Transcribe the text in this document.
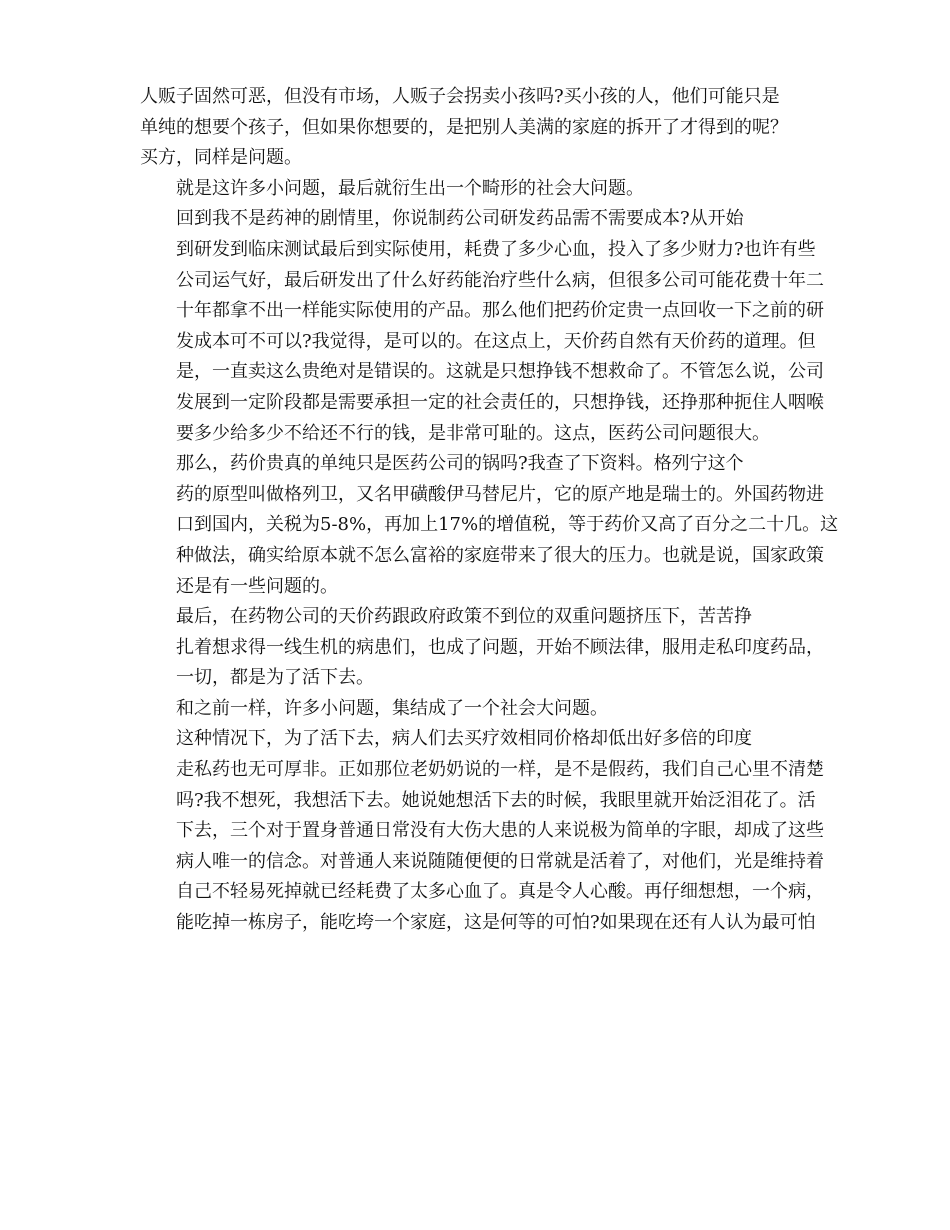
人贩子固然可恶，但没有市场，人贩子会拐卖小孩吗?买小孩的人，他们可能只是
单纯的想要个孩子，但如果你想要的，是把别人美满的家庭的拆开了才得到的呢？
买方，同样是问题。

就是这许多小问题，最后就衍生出一个畸形的社会大问题。

回到我不是药神的剧情里，你说制药公司研发药品需不需要成本?从开始
到研发到临床测试最后到实际使用，耗费了多少心血，投入了多少财力?也许有些
公司运气好，最后研发出了什么好药能治疗些什么病，但很多公司可能花费十年二
十年都拿不出一样能实际使用的产品。那么他们把药价定贵一点回收一下之前的研
发成本可不可以?我觉得，是可以的。在这点上，天价药自然有天价药的道理。但
是，一直卖这么贵绝对是错误的。这就是只想挣钱不想救命了。不管怎么说，公司
发展到一定阶段都是需要承担一定的社会责任的，只想挣钱，还挣那种扼住人咽喉
要多少给多少不给还不行的钱，是非常可耻的。这点，医药公司问题很大。

那么，药价贵真的单纯只是医药公司的锅吗?我查了下资料。格列宁这个
药的原型叫做格列卫，又名甲磺酸伊马替尼片，它的原产地是瑞士的。外国药物进
口到国内，关税为5-8%，再加上17%的增值税，等于药价又高了百分之二十几。这
种做法，确实给原本就不怎么富裕的家庭带来了很大的压力。也就是说，国家政策
还是有一些问题的。

最后，在药物公司的天价药跟政府政策不到位的双重问题挤压下，苦苦挣
扎着想求得一线生机的病患们，也成了问题，开始不顾法律，服用走私印度药品，
一切，都是为了活下去。

和之前一样，许多小问题，集结成了一个社会大问题。

这种情况下，为了活下去，病人们去买疗效相同价格却低出好多倍的印度
走私药也无可厚非。正如那位老奶奶说的一样，是不是假药，我们自己心里不清楚
吗?我不想死，我想活下去。她说她想活下去的时候，我眼里就开始泛泪花了。活
下去，三个对于置身普通日常没有大伤大患的人来说极为简单的字眼，却成了这些
病人唯一的信念。对普通人来说随随便便的日常就是活着了，对他们，光是维持着
自己不轻易死掉就已经耗费了太多心血了。真是令人心酸。再仔细想想，一个病，
能吃掉一栋房子，能吃垮一个家庭，这是何等的可怕?如果现在还有人认为最可怕
